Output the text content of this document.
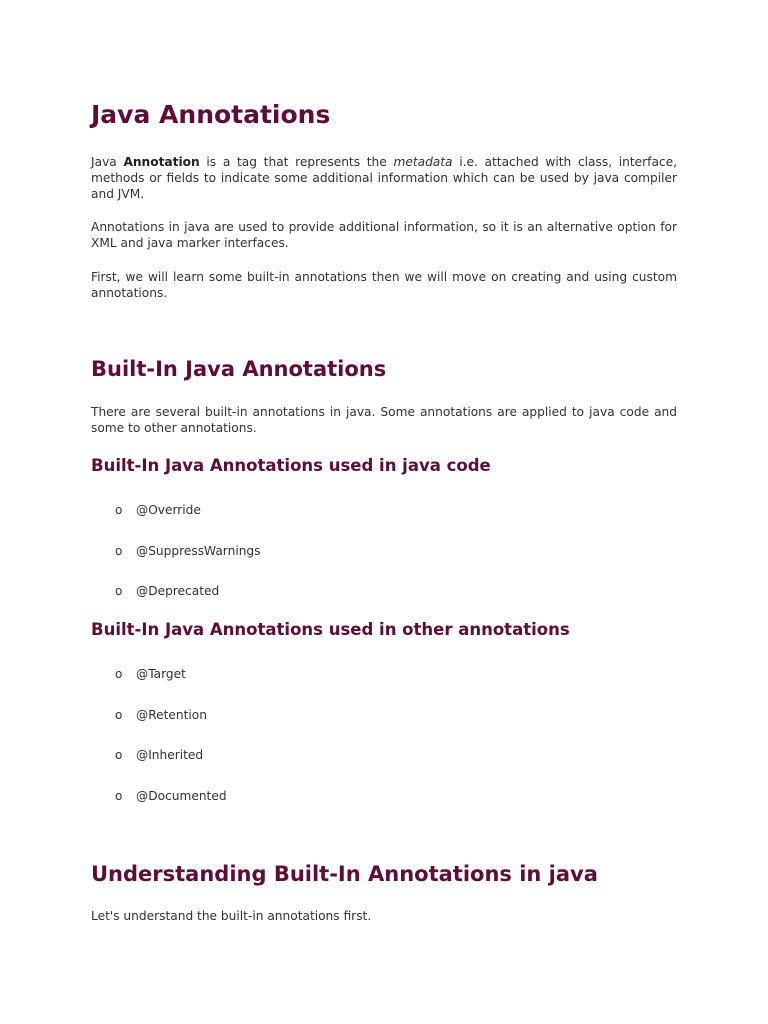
Java Annotations

Java Annotation is a tag that represents the metadata i.e. attached with class, interface, methods or fields to indicate some additional information which can be used by java compiler and JVM.

Annotations in java are used to provide additional information, so it is an alternative option for XML and java marker interfaces.

First, we will learn some built-in annotations then we will move on creating and using custom annotations.

Built-In Java Annotations

There are several built-in annotations in java. Some annotations are applied to java code and some to other annotations.

Built-In Java Annotations used in java code
o @Override
o @SuppressWarnings
o @Deprecated
Built-In Java Annotations used in other annotations
o @Target
o @Retention
o @Inherited
o @Documented
Understanding Built-In Annotations in java

Let's understand the built-in annotations first.
